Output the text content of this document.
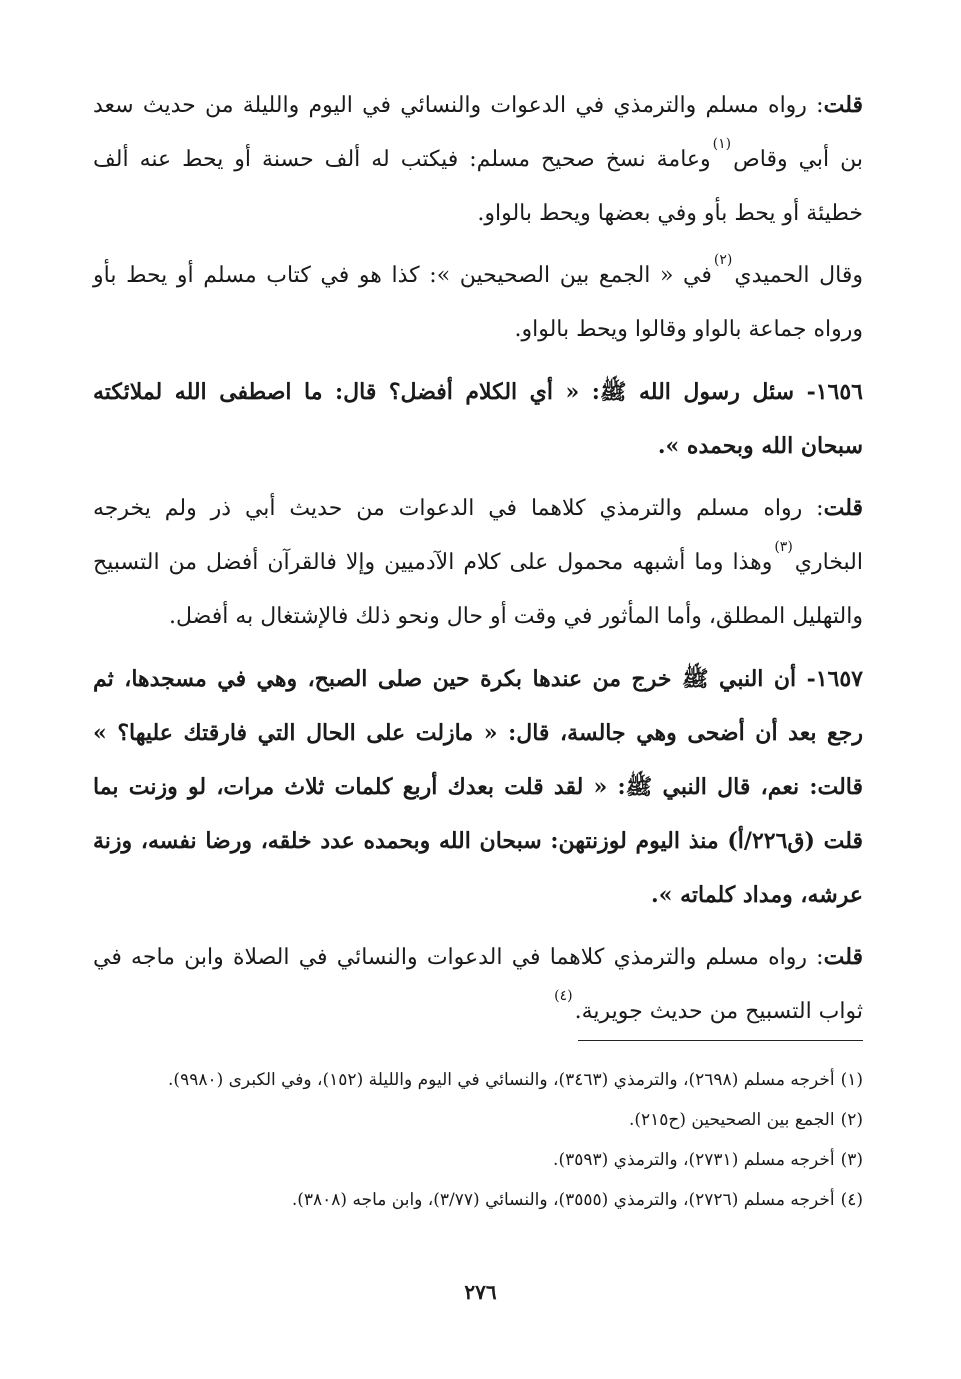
قلت: رواه مسلم والترمذي في الدعوات والنسائي في اليوم والليلة من حديث سعد بن أبي وقاص$^{(١)}$وعامة نسخ صحيح مسلم: فيكتب له ألف حسنة أو يحط عنه ألف خطيئة أو يحط بأو وفي بعضها ويحط بالواو.

وقال الحميدي$^{(٢)}$في « الجمع بين الصحيحين »: كذا هو في كتاب مسلم أو يحط بأو ورواه جماعة بالواو وقالوا ويحط بالواو.

١٦٥٦- سئل رسول الله ﷺ: « أي الكلام أفضل؟ قال: ما اصطفى الله لملائكته سبحان الله وبحمده ».

قلت: رواه مسلم والترمذي كلاهما في الدعوات من حديث أبي ذر ولم يخرجه البخاري$^{(٣)}$وهذا وما أشبهه محمول على كلام الآدميين وإلا فالقرآن أفضل من التسبيح والتهليل المطلق، وأما المأثور في وقت أو حال ونحو ذلك فالإشتغال به أفضل.

١٦٥٧- أن النبي ﷺ خرج من عندها بكرة حين صلى الصبح، وهي في مسجدها، ثم رجع بعد أن أضحى وهي جالسة، قال: « مازلت على الحال التي فارقتك عليها؟ » قالت: نعم، قال النبي ﷺ: « لقد قلت بعدك أربع كلمات ثلاث مرات، لو وزنت بما قلت (ق٢٢٦/أ) منذ اليوم لوزنتهن: سبحان الله وبحمده عدد خلقه، ورضا نفسه، وزنة عرشه، ومداد كلماته ».

قلت: رواه مسلم والترمذي كلاهما في الدعوات والنسائي في الصلاة وابن ماجه في ثواب التسبيح من حديث جويرية.$^{(٤)}$

(١)أخرجه مسلم (٢٦٩٨)، والترمذي (٣٤٦٣)، والنسائي في اليوم والليلة (١٥٢)، وفي الكبرى (٩٩٨٠).

(٢)الجمع بين الصحيحين (ح٢١٥).

(٣)أخرجه مسلم (٢٧٣١)، والترمذي (٣٥٩٣).

(٤)أخرجه مسلم (٢٧٢٦)، والترمذي (٣٥٥٥)، والنسائي (٣/٧٧)، وابن ماجه (٣٨٠٨).

٢٧٦
